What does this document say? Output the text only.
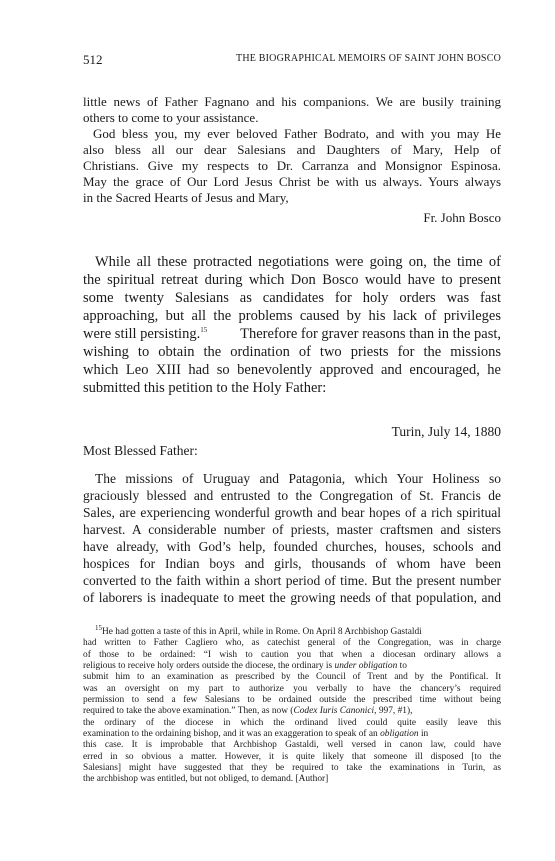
512	THE BIOGRAPHICAL MEMOIRS OF SAINT JOHN BOSCO
little news of Father Fagnano and his companions. We are busily training
others to come to your assistance.
God bless you, my ever beloved Father Bodrato, and with you may He
also bless all our dear Salesians and Daughters of Mary, Help of
Christians. Give my respects to Dr. Carranza and Monsignor Espinosa.
May the grace of Our Lord Jesus Christ be with us always. Yours always
in the Sacred Hearts of Jesus and Mary,
Fr. John Bosco
While all these protracted negotiations were going on, the time of
the spiritual retreat during which Don Bosco would have to present
some twenty Salesians as candidates for holy orders was fast
approaching, but all the problems caused by his lack of privileges
were still persisting.$^{15}$ Therefore for graver reasons than in the past,
wishing to obtain the ordination of two priests for the missions
which Leo XIII had so benevolently approved and encouraged, he
submitted this petition to the Holy Father:
Turin, July 14, 1880
Most Blessed Father:
The missions of Uruguay and Patagonia, which Your Holiness so
graciously blessed and entrusted to the Congregation of St. Francis de
Sales, are experiencing wonderful growth and bear hopes of a rich spiritual
harvest. A considerable number of priests, master craftsmen and sisters
have already, with God’s help, founded churches, houses, schools and
hospices for Indian boys and girls, thousands of whom have been
converted to the faith within a short period of time. But the present number
of laborers is inadequate to meet the growing needs of that population, and
$^{15}$He had gotten a taste of this in April, while in Rome. On April 8 Archbishop Gastaldi
had written to Father Cagliero who, as catechist general of the Congregation, was in charge
of those to be ordained: “I wish to caution you that when a diocesan ordinary allows a
religious to receive holy orders outside the diocese, the ordinary is under obligation to
submit him to an examination as prescribed by the Council of Trent and by the Pontifical. It
was an oversight on my part to authorize you verbally to have the chancery’s required
permission to send a few Salesians to be ordained outside the prescribed time without being
required to take the above examination.” Then, as now (Codex Iuris Canonici, 997, #1),
the ordinary of the diocese in which the ordinand lived could quite easily leave this
examination to the ordaining bishop, and it was an exaggeration to speak of an obligation in
this case. It is improbable that Archbishop Gastaldi, well versed in canon law, could have
erred in so obvious a matter. However, it is quite likely that someone ill disposed [to the
Salesians] might have suggested that they be required to take the examinations in Turin, as
the archbishop was entitled, but not obliged, to demand. [Author]
